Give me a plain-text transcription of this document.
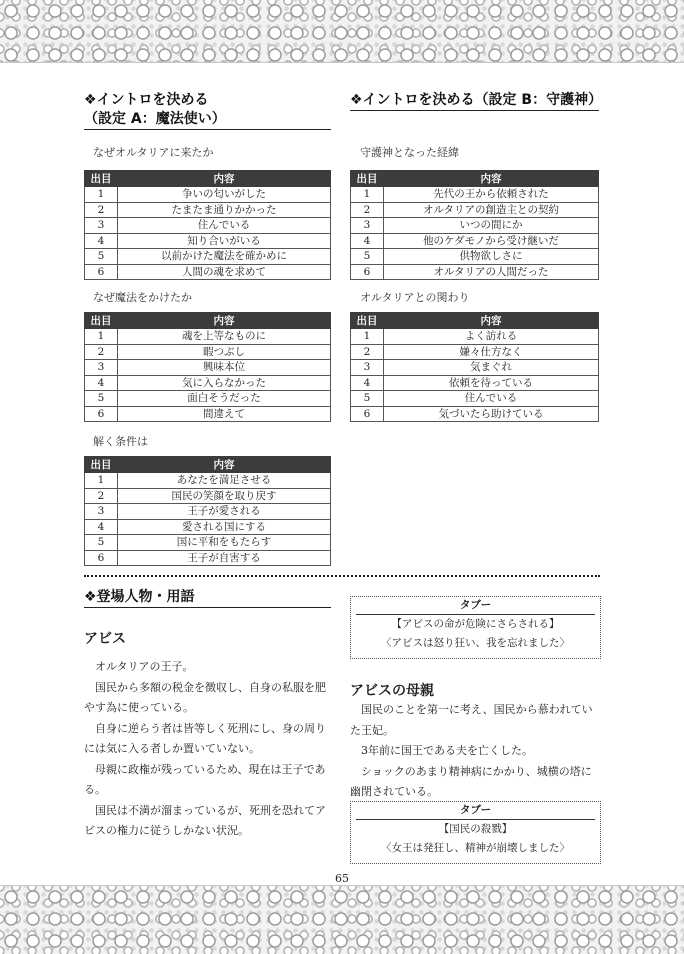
❖イントロを決める
（設定 A：魔法使い）
❖イントロを決める（設定 B：守護神）
なぜオルタリアに来たか
なぜ魔法をかけたか
解く条件は
守護神となった経緯
オルタリアとの関わり
出目	内容
1	争いの匂いがした
2	たまたま通りかかった
3	住んでいる
4	知り合いがいる
5	以前かけた魔法を確かめに
6	人間の魂を求めて
出目	内容
1	魂を上等なものに
2	暇つぶし
3	興味本位
4	気に入らなかった
5	面白そうだった
6	間違えて
出目	内容
1	あなたを満足させる
2	国民の笑顔を取り戻す
3	王子が愛される
4	愛される国にする
5	国に平和をもたらす
6	王子が自害する
出目	内容
1	先代の王から依頼された
2	オルタリアの創造主との契約
3	いつの間にか
4	他のケダモノから受け継いだ
5	供物欲しさに
6	オルタリアの人間だった
出目	内容
1	よく訪れる
2	嫌々仕方なく
3	気まぐれ
4	依頼を待っている
5	住んでいる
6	気づいたら助けている
❖登場人物・用語
アビス

オルタリアの王子。

国民から多額の税金を徴収し、自身の私服を肥やす為に使っている。

自身に逆らう者は皆等しく死刑にし、身の周りには気に入る者しか置いていない。

母親に政権が残っているため、現在は王子である。

国民は不満が溜まっているが、死刑を恐れてアビスの権力に従うしかない状況。

タブー
【アビスの命が危険にさらされる】
〈アビスは怒り狂い、我を忘れました〉
アビスの母親

国民のことを第一に考え、国民から慕われていた王妃。

3年前に国王である夫を亡くした。

ショックのあまり精神病にかかり、城横の塔に幽閉されている。

タブー
【国民の殺戮】
〈女王は発狂し、精神が崩壊しました〉
65
